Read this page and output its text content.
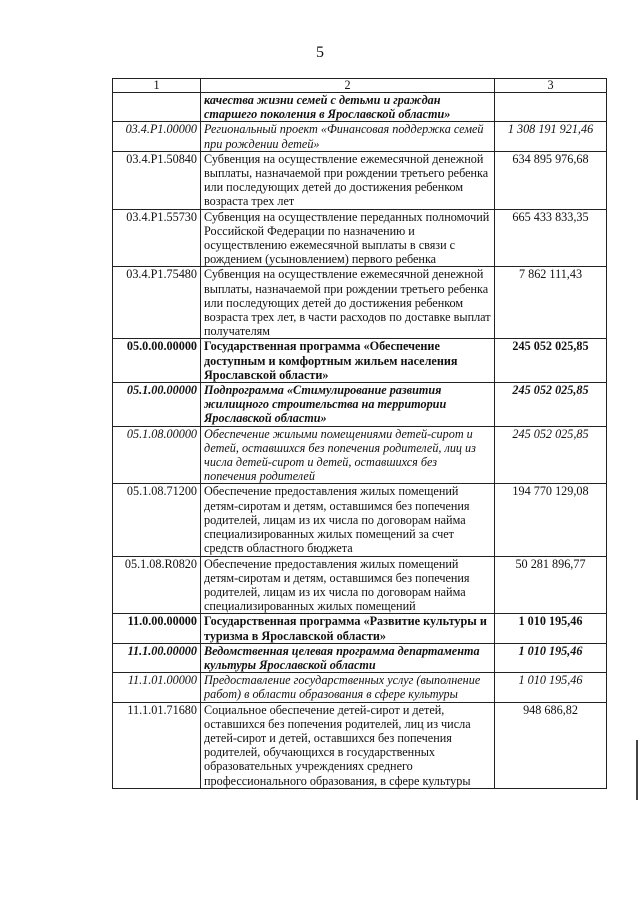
5
1	2	3
	качества жизни семей с детьми и граждан старшего поколения в Ярославской области»	
03.4.Р1.00000	Региональный проект «Финансовая поддержка семей при рождении детей»	1 308 191 921,46
03.4.Р1.50840	Субвенция на осуществление ежемесячной денежной выплаты, назначаемой при рождении третьего ребенка или последующих детей до достижения ребенком возраста трех лет	634 895 976,68
03.4.Р1.55730	Субвенция на осуществление переданных полномочий Российской Федерации по назначению и осуществлению ежемесячной выплаты в связи с рождением (усыновлением) первого ребенка	665 433 833,35
03.4.Р1.75480	Субвенция на осуществление ежемесячной денежной выплаты, назначаемой при рождении третьего ребенка или последующих детей до достижения ребенком возраста трех лет, в части расходов по доставке выплат получателям	7 862 111,43
05.0.00.00000	Государственная программа «Обеспечение доступным и комфортным жильем населения Ярославской области»	245 052 025,85
05.1.00.00000	Подпрограмма «Стимулирование развития жилищного строительства на территории Ярославской области»	245 052 025,85
05.1.08.00000	Обеспечение жилыми помещениями детей-сирот и детей, оставшихся без попечения родителей, лиц из числа детей-сирот и детей, оставшихся без попечения родителей	245 052 025,85
05.1.08.71200	Обеспечение предоставления жилых помещений детям-сиротам и детям, оставшимся без попечения родителей, лицам из их числа по договорам найма специализированных жилых помещений за счет средств областного бюджета	194 770 129,08
05.1.08.R0820	Обеспечение предоставления жилых помещений детям-сиротам и детям, оставшимся без попечения родителей, лицам из их числа по договорам найма специализированных жилых помещений	50 281 896,77
11.0.00.00000	Государственная программа «Развитие культуры и туризма в Ярославской области»	1 010 195,46
11.1.00.00000	Ведомственная целевая программа департамента культуры Ярославской области	1 010 195,46
11.1.01.00000	Предоставление государственных услуг (выполнение работ) в области образования в сфере культуры	1 010 195,46
11.1.01.71680	Социальное обеспечение детей-сирот и детей, оставшихся без попечения родителей, лиц из числа детей-сирот и детей, оставшихся без попечения родителей, обучающихся в государственных образовательных учреждениях среднего профессионального образования, в сфере культуры	948 686,82
